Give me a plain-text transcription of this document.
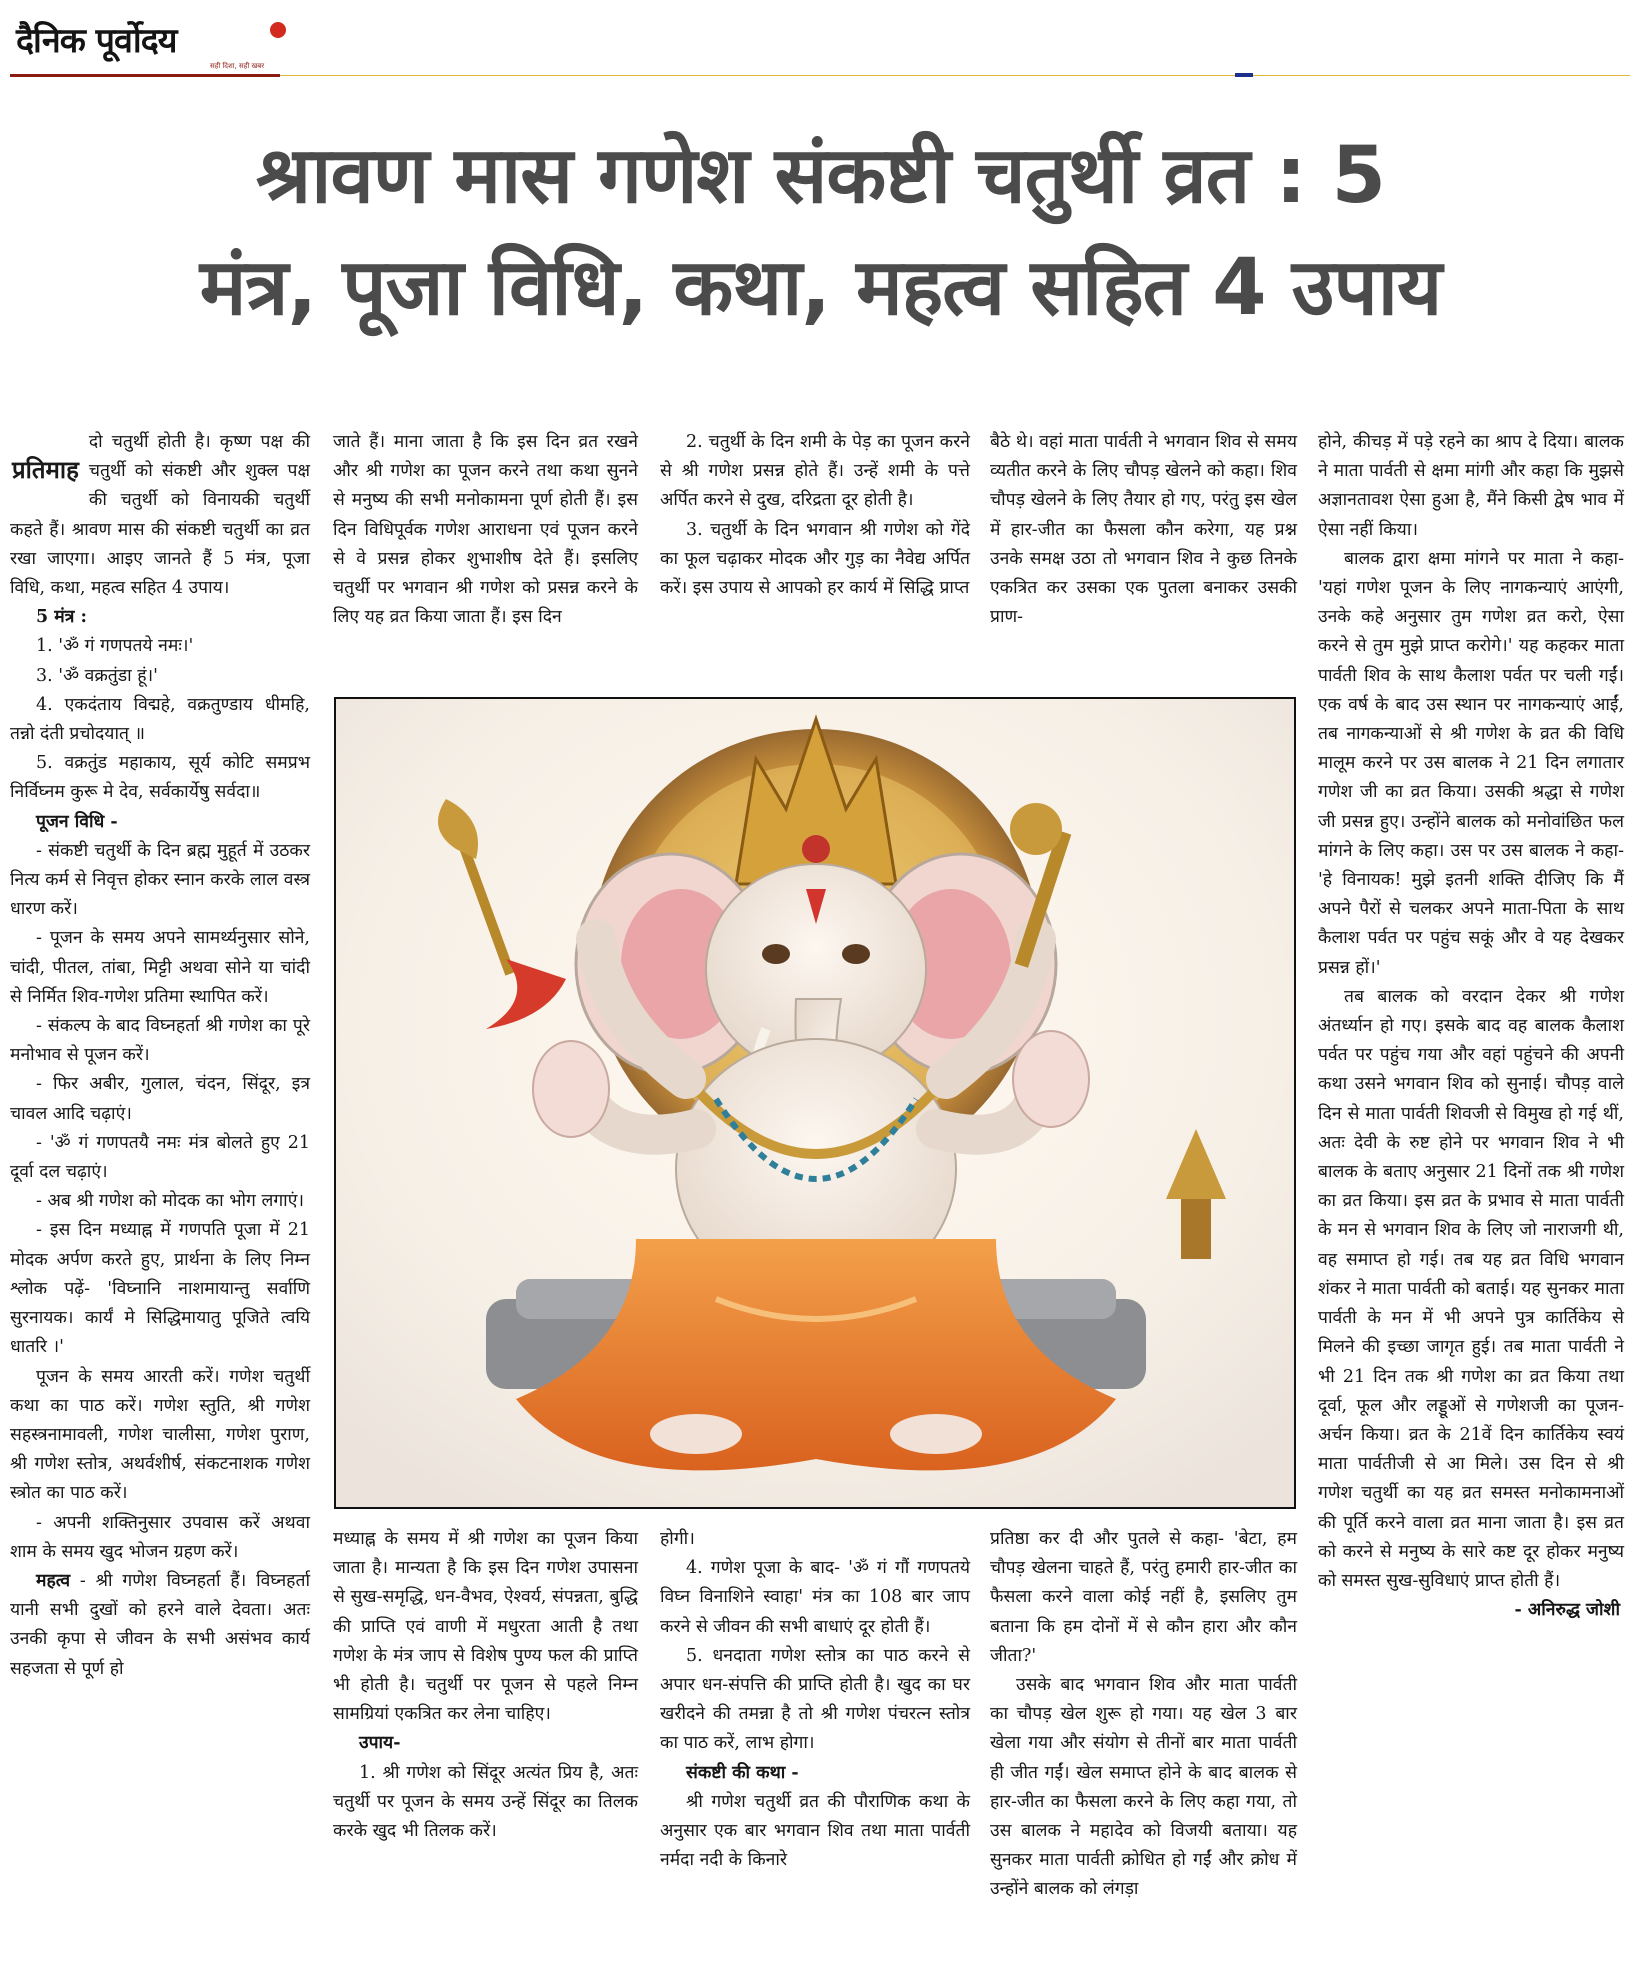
दैनिक पूर्वोदय
सही दिशा, सही खबर
श्रावण मास गणेश संकष्टी चतुर्थी व्रत : 5
मंत्र, पूजा विधि, कथा, महत्व सहित 4 उपाय
प्रतिमाह

दो चतुर्थी होती है। कृष्ण पक्ष की चतुर्थी को संकष्टी और शुक्ल पक्ष की चतुर्थी को विनायकी चतुर्थी कहते हैं। श्रावण मास की संकष्टी चतुर्थी का व्रत रखा जाएगा। आइए जानते हैं 5 मंत्र, पूजा विधि, कथा, महत्व सहित 4 उपाय।

5 मंत्र :

1. 'ॐ गं गणपतये नमः।'

3. 'ॐ वक्रतुंडा हूं।'

4. एकदंताय विद्महे, वक्रतुण्डाय धीमहि, तन्नो दंती प्रचोदयात् ॥

5. वक्रतुंड महाकाय, सूर्य कोटि समप्रभ निर्विघ्नम कुरू मे देव, सर्वकार्येषु सर्वदा॥

पूजन विधि -

- संकष्टी चतुर्थी के दिन ब्रह्म मुहूर्त में उठकर नित्य कर्म से निवृत्त होकर स्नान करके लाल वस्त्र धारण करें।

- पूजन के समय अपने सामर्थ्यनुसार सोने, चांदी, पीतल, तांबा, मिट्टी अथवा सोने या चांदी से निर्मित शिव-गणेश प्रतिमा स्थापित करें।

- संकल्प के बाद विघ्नहर्ता श्री गणेश का पूरे मनोभाव से पूजन करें।

- फिर अबीर, गुलाल, चंदन, सिंदूर, इत्र चावल आदि चढ़ाएं।

- 'ॐ गं गणपतयै नमः मंत्र बोलते हुए 21 दूर्वा दल चढ़ाएं।

- अब श्री गणेश को मोदक का भोग लगाएं।

- इस दिन मध्याह्न में गणपति पूजा में 21 मोदक अर्पण करते हुए, प्रार्थना के लिए निम्न श्लोक पढ़ें- 'विघ्नानि नाशमायान्तु सर्वाणि सुरनायक। कार्यं मे सिद्धिमायातु पूजिते त्वयि धातरि ।'

पूजन के समय आरती करें। गणेश चतुर्थी कथा का पाठ करें। गणेश स्तुति, श्री गणेश सहस्त्रनामावली, गणेश चालीसा, गणेश पुराण, श्री गणेश स्तोत्र, अथर्वशीर्ष, संकटनाशक गणेश स्त्रोत का पाठ करें।

- अपनी शक्तिनुसार उपवास करें अथवा शाम के समय खुद भोजन ग्रहण करें।

महत्व - श्री गणेश विघ्नहर्ता हैं। विघ्नहर्ता यानी सभी दुखों को हरने वाले देवता। अतः उनकी कृपा से जीवन के सभी असंभव कार्य सहजता से पूर्ण हो

जाते हैं। माना जाता है कि इस दिन व्रत रखने और श्री गणेश का पूजन करने तथा कथा सुनने से मनुष्य की सभी मनोकामना पूर्ण होती हैं। इस दिन विधिपूर्वक गणेश आराधना एवं पूजन करने से वे प्रसन्न होकर शुभाशीष देते हैं। इसलिए चतुर्थी पर भगवान श्री गणेश को प्रसन्न करने के लिए यह व्रत किया जाता हैं। इस दिन

2. चतुर्थी के दिन शमी के पेड़ का पूजन करने से श्री गणेश प्रसन्न होते हैं। उन्हें शमी के पत्ते अर्पित करने से दुख, दरिद्रता दूर होती है।

3. चतुर्थी के दिन भगवान श्री गणेश को गेंदे का फूल चढ़ाकर मोदक और गुड़ का नैवेद्य अर्पित करें। इस उपाय से आपको हर कार्य में सिद्धि प्राप्त

बैठे थे। वहां माता पार्वती ने भगवान शिव से समय व्यतीत करने के लिए चौपड़ खेलने को कहा। शिव चौपड़ खेलने के लिए तैयार हो गए, परंतु इस खेल में हार-जीत का फैसला कौन करेगा, यह प्रश्न उनके समक्ष उठा तो भगवान शिव ने कुछ तिनके एकत्रित कर उसका एक पुतला बनाकर उसकी प्राण-

मध्याह्न के समय में श्री गणेश का पूजन किया जाता है। मान्यता है कि इस दिन गणेश उपासना से सुख-समृद्धि, धन-वैभव, ऐश्वर्य, संपन्नता, बुद्धि की प्राप्ति एवं वाणी में मधुरता आती है तथा गणेश के मंत्र जाप से विशेष पुण्य फल की प्राप्ति भी होती है। चतुर्थी पर पूजन से पहले निम्न सामग्रियां एकत्रित कर लेना चाहिए।

उपाय-

1. श्री गणेश को सिंदूर अत्यंत प्रिय है, अतः चतुर्थी पर पूजन के समय उन्हें सिंदूर का तिलक करके खुद भी तिलक करें।

होगी।

4. गणेश पूजा के बाद- 'ॐ गं गौं गणपतये विघ्न विनाशिने स्वाहा' मंत्र का 108 बार जाप करने से जीवन की सभी बाधाएं दूर होती हैं।

5. धनदाता गणेश स्तोत्र का पाठ करने से अपार धन-संपत्ति की प्राप्ति होती है। खुद का घर खरीदने की तमन्ना है तो श्री गणेश पंचरत्न स्तोत्र का पाठ करें, लाभ होगा।

संकष्टी की कथा -

श्री गणेश चतुर्थी व्रत की पौराणिक कथा के अनुसार एक बार भगवान शिव तथा माता पार्वती नर्मदा नदी के किनारे

प्रतिष्ठा कर दी और पुतले से कहा- 'बेटा, हम चौपड़ खेलना चाहते हैं, परंतु हमारी हार-जीत का फैसला करने वाला कोई नहीं है, इसलिए तुम बताना कि हम दोनों में से कौन हारा और कौन जीता?'

उसके बाद भगवान शिव और माता पार्वती का चौपड़ खेल शुरू हो गया। यह खेल 3 बार खेला गया और संयोग से तीनों बार माता पार्वती ही जीत गईं। खेल समाप्त होने के बाद बालक से हार-जीत का फैसला करने के लिए कहा गया, तो उस बालक ने महादेव को विजयी बताया। यह सुनकर माता पार्वती क्रोधित हो गईं और क्रोध में उन्होंने बालक को लंगड़ा

होने, कीचड़ में पड़े रहने का श्राप दे दिया। बालक ने माता पार्वती से क्षमा मांगी और कहा कि मुझसे अज्ञानतावश ऐसा हुआ है, मैंने किसी द्वेष भाव में ऐसा नहीं किया।

बालक द्वारा क्षमा मांगने पर माता ने कहा- 'यहां गणेश पूजन के लिए नागकन्याएं आएंगी, उनके कहे अनुसार तुम गणेश व्रत करो, ऐसा करने से तुम मुझे प्राप्त करोगे।' यह कहकर माता पार्वती शिव के साथ कैलाश पर्वत पर चली गईं। एक वर्ष के बाद उस स्थान पर नागकन्याएं आईं, तब नागकन्याओं से श्री गणेश के व्रत की विधि मालूम करने पर उस बालक ने 21 दिन लगातार गणेश जी का व्रत किया। उसकी श्रद्धा से गणेश जी प्रसन्न हुए। उन्होंने बालक को मनोवांछित फल मांगने के लिए कहा। उस पर उस बालक ने कहा- 'हे विनायक! मुझे इतनी शक्ति दीजिए कि मैं अपने पैरों से चलकर अपने माता-पिता के साथ कैलाश पर्वत पर पहुंच सकूं और वे यह देखकर प्रसन्न हों।'

तब बालक को वरदान देकर श्री गणेश अंतर्ध्यान हो गए। इसके बाद वह बालक कैलाश पर्वत पर पहुंच गया और वहां पहुंचने की अपनी कथा उसने भगवान शिव को सुनाई। चौपड़ वाले दिन से माता पार्वती शिवजी से विमुख हो गई थीं, अतः देवी के रुष्ट होने पर भगवान शिव ने भी बालक के बताए अनुसार 21 दिनों तक श्री गणेश का व्रत किया। इस व्रत के प्रभाव से माता पार्वती के मन से भगवान शिव के लिए जो नाराजगी थी, वह समाप्त हो गई। तब यह व्रत विधि भगवान शंकर ने माता पार्वती को बताई। यह सुनकर माता पार्वती के मन में भी अपने पुत्र कार्तिकेय से मिलने की इच्छा जागृत हुई। तब माता पार्वती ने भी 21 दिन तक श्री गणेश का व्रत किया तथा दूर्वा, फूल और लड्डूओं से गणेशजी का पूजन-अर्चन किया। व्रत के 21वें दिन कार्तिकेय स्वयं माता पार्वतीजी से आ मिले। उस दिन से श्री गणेश चतुर्थी का यह व्रत समस्त मनोकामनाओं की पूर्ति करने वाला व्रत माना जाता है। इस व्रत को करने से मनुष्य के सारे कष्ट दूर होकर मनुष्य को समस्त सुख-सुविधाएं प्राप्त होती हैं।

- अनिरुद्ध जोशी
